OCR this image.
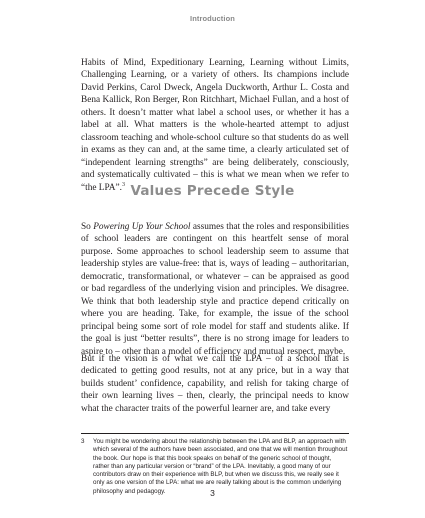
Introduction

Habits of Mind, Expeditionary Learning, Learning without Limits, Challenging Learning, or a variety of others. Its champions include David Perkins, Carol Dweck, Angela Duckworth, Arthur L. Costa and Bena Kallick, Ron Berger, Ron Ritchhart, Michael Fullan, and a host of others. It doesn’t matter what label a school uses, or whether it has a label at all. What matters is the whole-hearted attempt to adjust classroom teaching and whole-school culture so that students do as well in exams as they can and, at the same time, a clearly articulated set of “independent learning strengths” are being deliberately, consciously, and systematically cultivated – this is what we mean when we refer to “the LPA”.$^3$ Values Precede Style

So Powering Up Your School assumes that the roles and responsibilities of school leaders are contingent on this heartfelt sense of moral purpose. Some approaches to school leadership seem to assume that leadership styles are value-free: that is, ways of leading – authoritarian, democratic, transformational, or whatever – can be appraised as good or bad regardless of the underlying vision and principles. We disagree. We think that both leadership style and practice depend critically on where you are heading. Take, for example, the issue of the school principal being some sort of role model for staff and students alike. If the goal is just “better results”, there is no strong image for leaders to aspire to – other than a model of efficiency and mutual respect, maybe.

But if the vision is of what we call the LPA – of a school that is dedicated to getting good results, not at any price, but in a way that builds student’ confidence, capability, and relish for taking charge of their own learning lives – then, clearly, the principal needs to know what the character traits of the powerful learner are, and take every

3 You might be wondering about the relationship between the LPA and BLP, an approach with which several of the authors have been associated, and one that we will mention throughout the book. Our hope is that this book speaks on behalf of the generic school of thought, rather than any particular version or “brand” of the LPA. Inevitably, a good many of our contributors draw on their experience with BLP, but when we discuss this, we really see it only as one version of the LPA: what we are really talking about is the common underlying philosophy and pedagogy.	3
